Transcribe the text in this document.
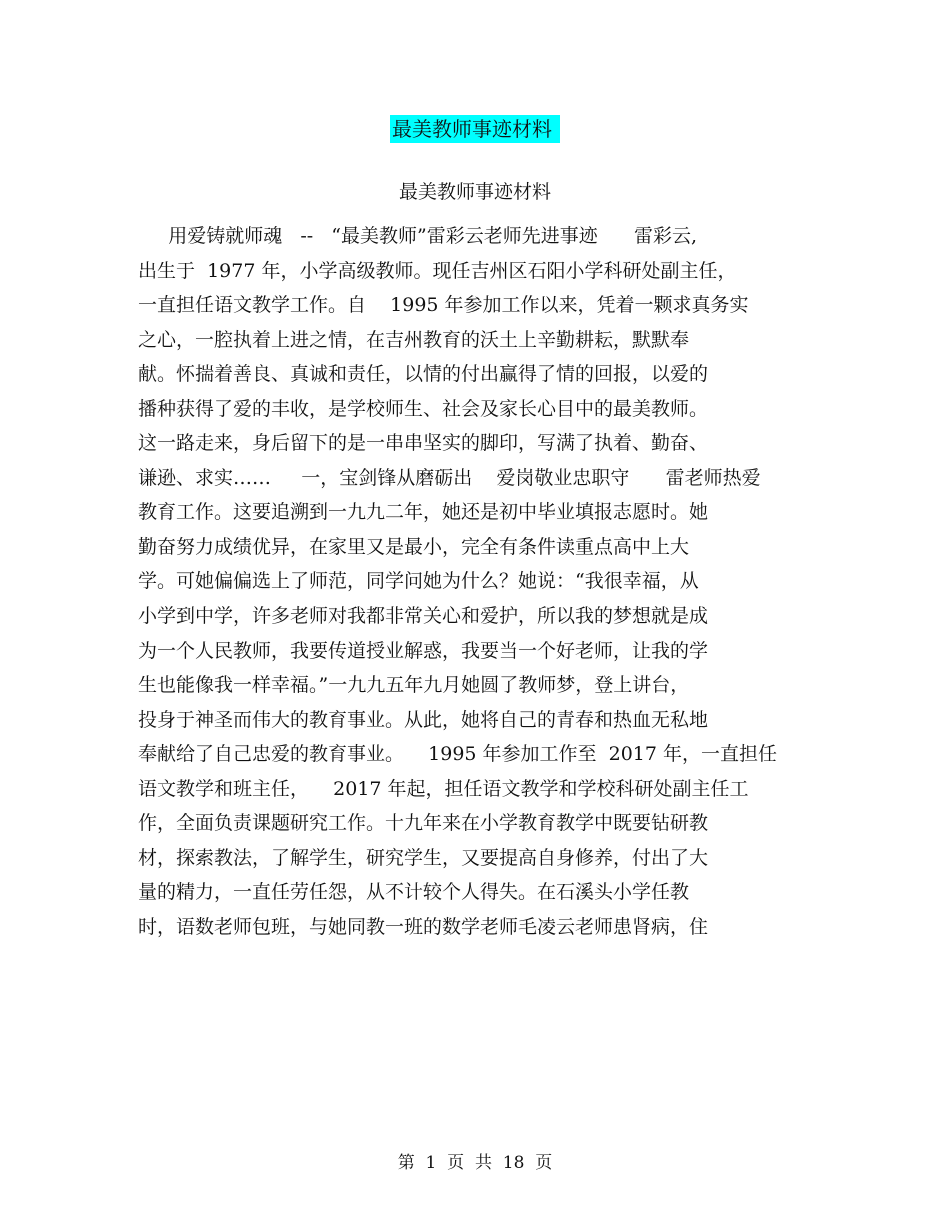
最美教师事迹材料
最美教师事迹材料
用爱铸就师魂   --   “最美教师”雷彩云老师先进事迹      雷彩云,
出生于  1977 年，小学高级教师。现任吉州区石阳小学科研处副主任，
一直担任语文教学工作。自    1995 年参加工作以来，凭着一颗求真务实
之心，一腔执着上进之情，在吉州教育的沃土上辛勤耕耘，默默奉
献。怀揣着善良、真诚和责任，以情的付出赢得了情的回报，以爱的
播种获得了爱的丰收，是学校师生、社会及家长心目中的最美教师。
这一路走来，身后留下的是一串串坚实的脚印，写满了执着、勤奋、
谦逊、求实……     一，宝剑锋从磨砺出    爱岗敬业忠职守      雷老师热爱
教育工作。这要追溯到一九九二年，她还是初中毕业填报志愿时。她
勤奋努力成绩优异，在家里又是最小，完全有条件读重点高中上大
学。可她偏偏选上了师范，同学问她为什么？她说：“我很幸福，从
小学到中学，许多老师对我都非常关心和爱护，所以我的梦想就是成
为一个人民教师，我要传道授业解惑，我要当一个好老师，让我的学
生也能像我一样幸福。”一九九五年九月她圆了教师梦，登上讲台，
投身于神圣而伟大的教育事业。从此，她将自己的青春和热血无私地
奉献给了自己忠爱的教育事业。    1995 年参加工作至  2017 年，一直担任
语文教学和班主任，    2017 年起，担任语文教学和学校科研处副主任工
作，全面负责课题研究工作。十九年来在小学教育教学中既要钻研教
材，探索教法，了解学生，研究学生，又要提高自身修养，付出了大
量的精力，一直任劳任怨，从不计较个人得失。在石溪头小学任教
时，语数老师包班，与她同教一班的数学老师毛凌云老师患肾病，住
第  1  页  共  18  页
